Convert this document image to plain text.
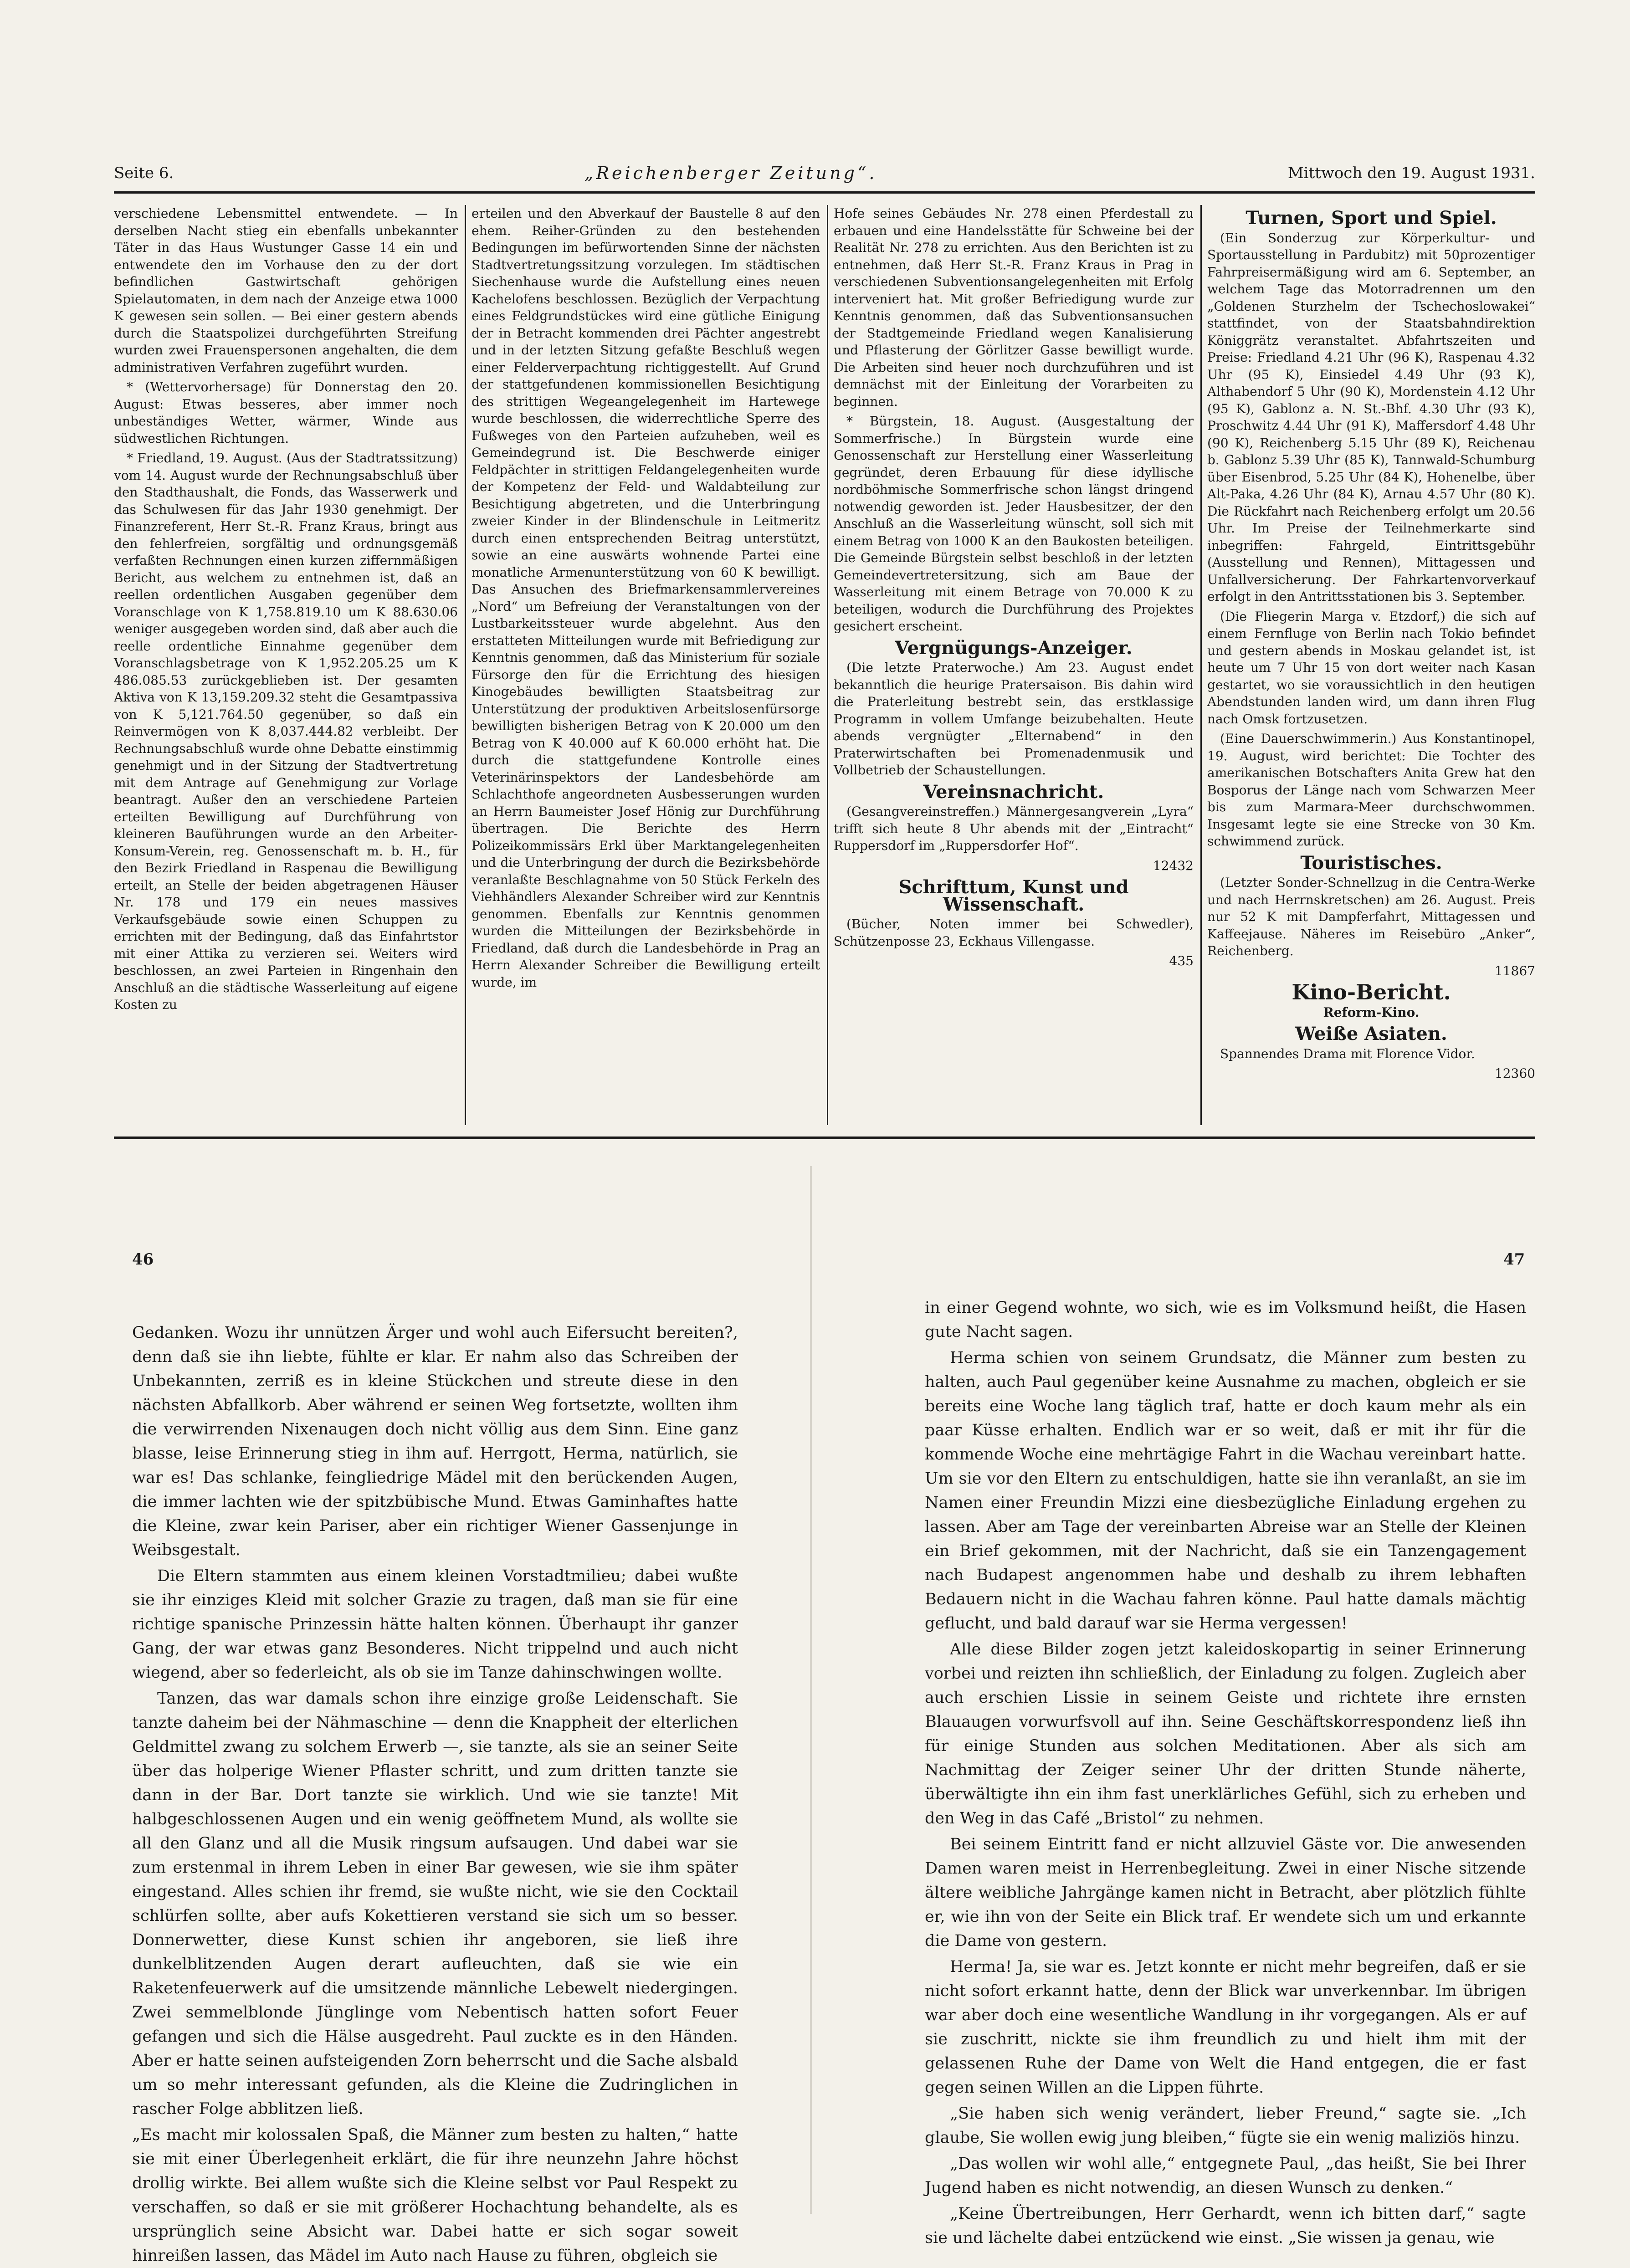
Seite 6.	„Reichenberger Zeitung“.	Mittwoch den 19. August 1931.

verschiedene Lebensmittel entwendete. — In derselben Nacht stieg ein ebenfalls unbekannter Täter in das Haus Wustunger Gasse 14 ein und entwendete den im Vorhause den zu der dort befindlichen Gastwirtschaft gehörigen Spielautomaten, in dem nach der Anzeige etwa 1000 K gewesen sein sollen. — Bei einer gestern abends durch die Staatspolizei durchgeführten Streifung wurden zwei Frauenspersonen angehalten, die dem administrativen Verfahren zugeführt wurden.

* (Wettervorhersage) für Donnerstag den 20. August: Etwas besseres, aber immer noch unbeständiges Wetter, wärmer, Winde aus südwestlichen Richtungen.

* Friedland, 19. August. (Aus der Stadtratssitzung) vom 14. August wurde der Rechnungsabschluß über den Stadthaushalt, die Fonds, das Wasserwerk und das Schulwesen für das Jahr 1930 genehmigt. Der Finanzreferent, Herr St.-R. Franz Kraus, bringt aus den fehlerfreien, sorgfältig und ordnungsgemäß verfaßten Rechnungen einen kurzen ziffernmäßigen Bericht, aus welchem zu entnehmen ist, daß an reellen ordentlichen Ausgaben gegenüber dem Voranschlage von K 1,758.819.10 um K 88.630.06 weniger ausgegeben worden sind, daß aber auch die reelle ordentliche Einnahme gegenüber dem Voranschlagsbetrage von K 1,952.205.25 um K 486.085.53 zurückgeblieben ist. Der gesamten Aktiva von K 13,159.209.32 steht die Gesamtpassiva von K 5,121.764.50 gegenüber, so daß ein Reinvermögen von K 8,037.444.82 verbleibt. Der Rechnungsabschluß wurde ohne Debatte einstimmig genehmigt und in der Sitzung der Stadtvertretung mit dem Antrage auf Genehmigung zur Vorlage beantragt. Außer den an verschiedene Parteien erteilten Bewilligung auf Durchführung von kleineren Bauführungen wurde an den Arbeiter-Konsum-Verein, reg. Genossenschaft m. b. H., für den Bezirk Friedland in Raspenau die Bewilligung erteilt, an Stelle der beiden abgetragenen Häuser Nr. 178 und 179 ein neues massives Verkaufsgebäude sowie einen Schuppen zu errichten mit der Bedingung, daß das Einfahrtstor mit einer Attika zu verzieren sei. Weiters wird beschlossen, an zwei Parteien in Ringenhain den Anschluß an die städtische Wasserleitung auf eigene Kosten zu

erteilen und den Abverkauf der Baustelle 8 auf den ehem. Reiher-Gründen zu den bestehenden Bedingungen im befürwortenden Sinne der nächsten Stadtvertretungssitzung vorzulegen. Im städtischen Siechenhause wurde die Aufstellung eines neuen Kachelofens beschlossen. Bezüglich der Verpachtung eines Feldgrundstückes wird eine gütliche Einigung der in Betracht kommenden drei Pächter angestrebt und in der letzten Sitzung gefaßte Beschluß wegen einer Felderverpachtung richtiggestellt. Auf Grund der stattgefundenen kommissionellen Besichtigung des strittigen Wegeangelegenheit im Hartewege wurde beschlossen, die widerrechtliche Sperre des Fußweges von den Parteien aufzuheben, weil es Gemeindegrund ist. Die Beschwerde einiger Feldpächter in strittigen Feldangelegenheiten wurde der Kompetenz der Feld- und Waldabteilung zur Besichtigung abgetreten, und die Unterbringung zweier Kinder in der Blindenschule in Leitmeritz durch einen entsprechenden Beitrag unterstützt, sowie an eine auswärts wohnende Partei eine monatliche Armenunterstützung von 60 K bewilligt. Das Ansuchen des Briefmarkensammlervereines „Nord“ um Befreiung der Veranstaltungen von der Lustbarkeitssteuer wurde abgelehnt. Aus den erstatteten Mitteilungen wurde mit Befriedigung zur Kenntnis genommen, daß das Ministerium für soziale Fürsorge den für die Errichtung des hiesigen Kinogebäudes bewilligten Staatsbeitrag zur Unterstützung der produktiven Arbeitslosenfürsorge bewilligten bisherigen Betrag von K 20.000 um den Betrag von K 40.000 auf K 60.000 erhöht hat. Die durch die stattgefundene Kontrolle eines Veterinärinspektors der Landesbehörde am Schlachthofe angeordneten Ausbesserungen wurden an Herrn Baumeister Josef Hönig zur Durchführung übertragen. Die Berichte des Herrn Polizeikommissärs Erkl über Marktangelegenheiten und die Unterbringung der durch die Bezirksbehörde veranlaßte Beschlagnahme von 50 Stück Ferkeln des Viehhändlers Alexander Schreiber wird zur Kenntnis genommen. Ebenfalls zur Kenntnis genommen wurden die Mitteilungen der Bezirksbehörde in Friedland, daß durch die Landesbehörde in Prag an Herrn Alexander Schreiber die Bewilligung erteilt wurde, im

Hofe seines Gebäudes Nr. 278 einen Pferdestall zu erbauen und eine Handelsstätte für Schweine bei der Realität Nr. 278 zu errichten. Aus den Berichten ist zu entnehmen, daß Herr St.-R. Franz Kraus in Prag in verschiedenen Subventionsangelegenheiten mit Erfolg interveniert hat. Mit großer Befriedigung wurde zur Kenntnis genommen, daß das Subventionsansuchen der Stadtgemeinde Friedland wegen Kanalisierung und Pflasterung der Görlitzer Gasse bewilligt wurde. Die Arbeiten sind heuer noch durchzuführen und ist demnächst mit der Einleitung der Vorarbeiten zu beginnen.

* Bürgstein, 18. August. (Ausgestaltung der Sommerfrische.) In Bürgstein wurde eine Genossenschaft zur Herstellung einer Wasserleitung gegründet, deren Erbauung für diese idyllische nordböhmische Sommerfrische schon längst dringend notwendig geworden ist. Jeder Hausbesitzer, der den Anschluß an die Wasserleitung wünscht, soll sich mit einem Betrag von 1000 K an den Baukosten beteiligen. Die Gemeinde Bürgstein selbst beschloß in der letzten Gemeindevertretersitzung, sich am Baue der Wasserleitung mit einem Betrage von 70.000 K zu beteiligen, wodurch die Durchführung des Projektes gesichert erscheint.

Vergnügungs-Anzeiger.

(Die letzte Praterwoche.) Am 23. August endet bekanntlich die heurige Pratersaison. Bis dahin wird die Praterleitung bestrebt sein, das erstklassige Programm in vollem Umfange beizubehalten. Heute abends vergnügter „Elternabend“ in den Praterwirtschaften bei Promenadenmusik und Vollbetrieb der Schaustellungen.

Vereinsnachricht.

(Gesangvereinstreffen.) Männergesangverein „Lyra“ trifft sich heute 8 Uhr abends mit der „Eintracht“ Ruppersdorf im „Ruppersdorfer Hof“.

12432

Schrifttum, Kunst und Wissenschaft.

(Bücher, Noten immer bei Schwedler), Schützenposse 23, Eckhaus Villengasse.

435

Turnen, Sport und Spiel.

(Ein Sonderzug zur Körperkultur- und Sportausstellung in Pardubitz) mit 50prozentiger Fahrpreisermäßigung wird am 6. September, an welchem Tage das Motorradrennen um den „Goldenen Sturzhelm der Tschechoslowakei“ stattfindet, von der Staatsbahndirektion Königgrätz veranstaltet. Abfahrtszeiten und Preise: Friedland 4.21 Uhr (96 K), Raspenau 4.32 Uhr (95 K), Einsiedel 4.49 Uhr (93 K), Althabendorf 5 Uhr (90 K), Mordenstein 4.12 Uhr (95 K), Gablonz a. N. St.-Bhf. 4.30 Uhr (93 K), Proschwitz 4.44 Uhr (91 K), Maffersdorf 4.48 Uhr (90 K), Reichenberg 5.15 Uhr (89 K), Reichenau b. Gablonz 5.39 Uhr (85 K), Tannwald-Schumburg über Eisenbrod, 5.25 Uhr (84 K), Hohenelbe, über Alt-Paka, 4.26 Uhr (84 K), Arnau 4.57 Uhr (80 K). Die Rückfahrt nach Reichenberg erfolgt um 20.56 Uhr. Im Preise der Teilnehmerkarte sind inbegriffen: Fahrgeld, Eintrittsgebühr (Ausstellung und Rennen), Mittagessen und Unfallversicherung. Der Fahrkartenvorverkauf erfolgt in den Antrittsstationen bis 3. September.

(Die Fliegerin Marga v. Etzdorf,) die sich auf einem Fernfluge von Berlin nach Tokio befindet und gestern abends in Moskau gelandet ist, ist heute um 7 Uhr 15 von dort weiter nach Kasan gestartet, wo sie voraussichtlich in den heutigen Abendstunden landen wird, um dann ihren Flug nach Omsk fortzusetzen.

(Eine Dauerschwimmerin.) Aus Konstantinopel, 19. August, wird berichtet: Die Tochter des amerikanischen Botschafters Anita Grew hat den Bosporus der Länge nach vom Schwarzen Meer bis zum Marmara-Meer durchschwommen. Insgesamt legte sie eine Strecke von 30 Km. schwimmend zurück.

Touristisches.

(Letzter Sonder-Schnellzug in die Centra-Werke und nach Herrnskretschen) am 26. August. Preis nur 52 K mit Dampferfahrt, Mittagessen und Kaffeejause. Näheres im Reisebüro „Anker“, Reichenberg.

11867

Kino-Bericht.
Reform-Kino.
Weiße Asiaten.

Spannendes Drama mit Florence Vidor.

12360

46	47

Gedanken. Wozu ihr unnützen Ärger und wohl auch Eifersucht bereiten?, denn daß sie ihn liebte, fühlte er klar. Er nahm also das Schreiben der Unbekannten, zerriß es in kleine Stückchen und streute diese in den nächsten Abfallkorb. Aber während er seinen Weg fortsetzte, wollten ihm die verwirrenden Nixenaugen doch nicht völlig aus dem Sinn. Eine ganz blasse, leise Erinnerung stieg in ihm auf. Herrgott, Herma, natürlich, sie war es! Das schlanke, feingliedrige Mädel mit den berückenden Augen, die immer lachten wie der spitzbübische Mund. Etwas Gaminhaftes hatte die Kleine, zwar kein Pariser, aber ein richtiger Wiener Gassenjunge in Weibsgestalt.

Die Eltern stammten aus einem kleinen Vorstadtmilieu; dabei wußte sie ihr einziges Kleid mit solcher Grazie zu tragen, daß man sie für eine richtige spanische Prinzessin hätte halten können. Überhaupt ihr ganzer Gang, der war etwas ganz Besonderes. Nicht trippelnd und auch nicht wiegend, aber so federleicht, als ob sie im Tanze dahinschwingen wollte.

Tanzen, das war damals schon ihre einzige große Leidenschaft. Sie tanzte daheim bei der Nähmaschine — denn die Knappheit der elterlichen Geldmittel zwang zu solchem Erwerb —, sie tanzte, als sie an seiner Seite über das holperige Wiener Pflaster schritt, und zum dritten tanzte sie dann in der Bar. Dort tanzte sie wirklich. Und wie sie tanzte! Mit halbgeschlossenen Augen und ein wenig geöffnetem Mund, als wollte sie all den Glanz und all die Musik ringsum aufsaugen. Und dabei war sie zum erstenmal in ihrem Leben in einer Bar gewesen, wie sie ihm später eingestand. Alles schien ihr fremd, sie wußte nicht, wie sie den Cocktail schlürfen sollte, aber aufs Kokettieren verstand sie sich um so besser. Donnerwetter, diese Kunst schien ihr angeboren, sie ließ ihre dunkelblitzenden Augen derart aufleuchten, daß sie wie ein Raketenfeuerwerk auf die umsitzende männliche Lebewelt niedergingen. Zwei semmelblonde Jünglinge vom Nebentisch hatten sofort Feuer gefangen und sich die Hälse ausgedreht. Paul zuckte es in den Händen. Aber er hatte seinen aufsteigenden Zorn beherrscht und die Sache alsbald um so mehr interessant gefunden, als die Kleine die Zudringlichen in rascher Folge abblitzen ließ.

„Es macht mir kolossalen Spaß, die Männer zum besten zu halten,“ hatte sie mit einer Überlegenheit erklärt, die für ihre neunzehn Jahre höchst drollig wirkte. Bei allem wußte sich die Kleine selbst vor Paul Respekt zu verschaffen, so daß er sie mit größerer Hochachtung behandelte, als es ursprünglich seine Absicht war. Dabei hatte er sich sogar soweit hinreißen lassen, das Mädel im Auto nach Hause zu führen, obgleich sie

in einer Gegend wohnte, wo sich, wie es im Volksmund heißt, die Hasen gute Nacht sagen.

Herma schien von seinem Grundsatz, die Männer zum besten zu halten, auch Paul gegenüber keine Ausnahme zu machen, obgleich er sie bereits eine Woche lang täglich traf, hatte er doch kaum mehr als ein paar Küsse erhalten. Endlich war er so weit, daß er mit ihr für die kommende Woche eine mehrtägige Fahrt in die Wachau vereinbart hatte. Um sie vor den Eltern zu entschuldigen, hatte sie ihn veranlaßt, an sie im Namen einer Freundin Mizzi eine diesbezügliche Einladung ergehen zu lassen. Aber am Tage der vereinbarten Abreise war an Stelle der Kleinen ein Brief gekommen, mit der Nachricht, daß sie ein Tanzengagement nach Budapest angenommen habe und deshalb zu ihrem lebhaften Bedauern nicht in die Wachau fahren könne. Paul hatte damals mächtig geflucht, und bald darauf war sie Herma vergessen!

Alle diese Bilder zogen jetzt kaleidoskopartig in seiner Erinnerung vorbei und reizten ihn schließlich, der Einladung zu folgen. Zugleich aber auch erschien Lissie in seinem Geiste und richtete ihre ernsten Blauaugen vorwurfsvoll auf ihn. Seine Geschäftskorrespondenz ließ ihn für einige Stunden aus solchen Meditationen. Aber als sich am Nachmittag der Zeiger seiner Uhr der dritten Stunde näherte, überwältigte ihn ein ihm fast unerklärliches Gefühl, sich zu erheben und den Weg in das Café „Bristol“ zu nehmen.

Bei seinem Eintritt fand er nicht allzuviel Gäste vor. Die anwesenden Damen waren meist in Herrenbegleitung. Zwei in einer Nische sitzende ältere weibliche Jahrgänge kamen nicht in Betracht, aber plötzlich fühlte er, wie ihn von der Seite ein Blick traf. Er wendete sich um und erkannte die Dame von gestern.

Herma! Ja, sie war es. Jetzt konnte er nicht mehr begreifen, daß er sie nicht sofort erkannt hatte, denn der Blick war unverkennbar. Im übrigen war aber doch eine wesentliche Wandlung in ihr vorgegangen. Als er auf sie zuschritt, nickte sie ihm freundlich zu und hielt ihm mit der gelassenen Ruhe der Dame von Welt die Hand entgegen, die er fast gegen seinen Willen an die Lippen führte.

„Sie haben sich wenig verändert, lieber Freund,“ sagte sie. „Ich glaube, Sie wollen ewig jung bleiben,“ fügte sie ein wenig maliziös hinzu.

„Das wollen wir wohl alle,“ entgegnete Paul, „das heißt, Sie bei Ihrer Jugend haben es nicht notwendig, an diesen Wunsch zu denken.“

„Keine Übertreibungen, Herr Gerhardt, wenn ich bitten darf,“ sagte sie und lächelte dabei entzückend wie einst. „Sie wissen ja genau, wie
